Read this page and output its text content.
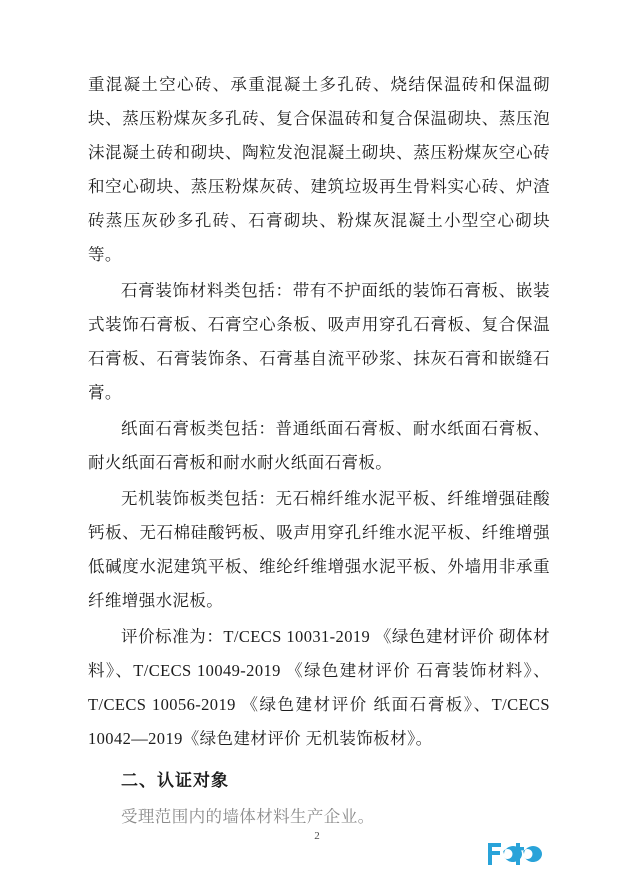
重混凝土空心砖、承重混凝土多孔砖、烧结保温砖和保温砌块、蒸压粉煤灰多孔砖、复合保温砖和复合保温砌块、蒸压泡沫混凝土砖和砌块、陶粒发泡混凝土砌块、蒸压粉煤灰空心砖和空心砌块、蒸压粉煤灰砖、建筑垃圾再生骨料实心砖、炉渣砖蒸压灰砂多孔砖、石膏砌块、粉煤灰混凝土小型空心砌块等。

石膏装饰材料类包括：带有不护面纸的装饰石膏板、嵌装式装饰石膏板、石膏空心条板、吸声用穿孔石膏板、复合保温石膏板、石膏装饰条、石膏基自流平砂浆、抹灰石膏和嵌缝石膏。

纸面石膏板类包括：普通纸面石膏板、耐水纸面石膏板、耐火纸面石膏板和耐水耐火纸面石膏板。

无机装饰板类包括：无石棉纤维水泥平板、纤维增强硅酸钙板、无石棉硅酸钙板、吸声用穿孔纤维水泥平板、纤维增强低碱度水泥建筑平板、维纶纤维增强水泥平板、外墙用非承重纤维增强水泥板。

评价标准为：T/CECS 10031-2019 《绿色建材评价 砌体材料》、T/CECS 10049-2019 《绿色建材评价 石膏装饰材料》、T/CECS 10056-2019 《绿色建材评价 纸面石膏板》、T/CECS 10042—2019《绿色建材评价 无机装饰板材》。

二、认证对象

受理范围内的墙体材料生产企业。

2
